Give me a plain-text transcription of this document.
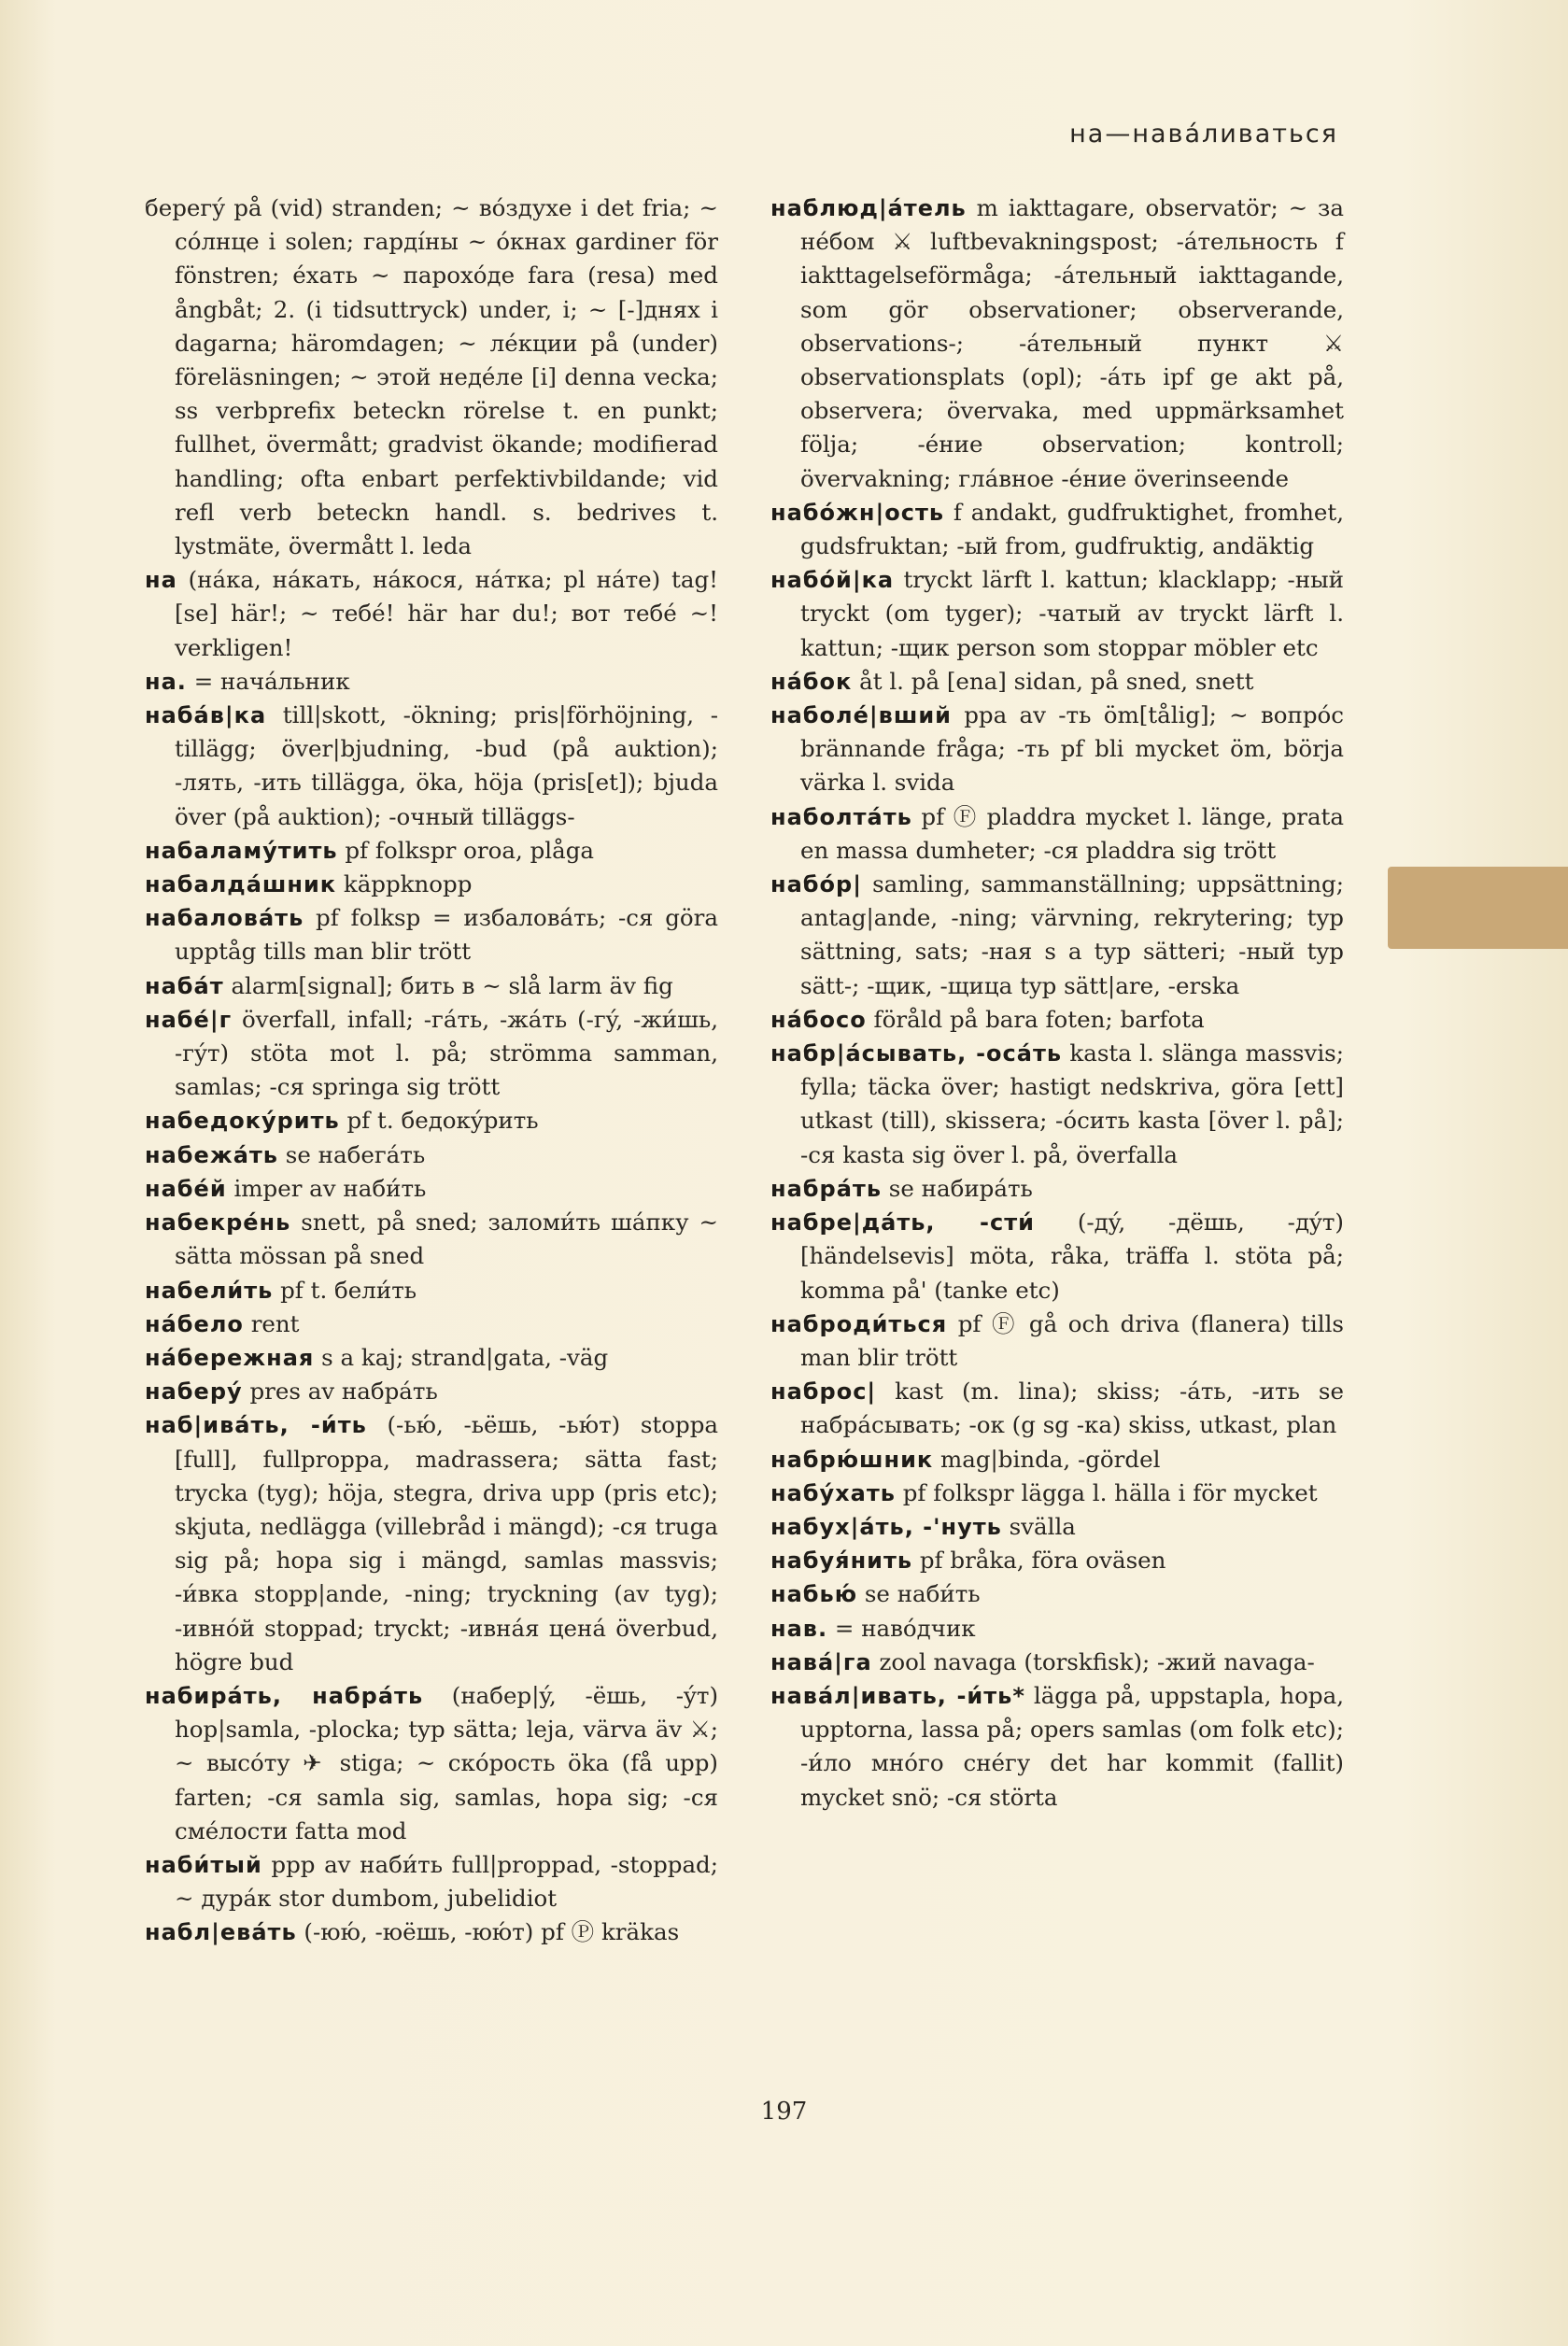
на—навáливаться

берегý på (vid) stranden; ~ вóздухе i det fria; ~ сóлнце i solen; гардíны ~ óкнах gardiner för fönstren; éхать ~ парохóде fara (resa) med ångbåt; 2. (i tidsuttryck) under, i; ~ [-]днях i dagarna; häromdagen; ~ лéкции på (under) föreläsningen; ~ этой недéле [i] denna vecka; ss verbprefix beteckn rörelse t. en punkt; fullhet, övermått; gradvist ökande; modifierad handling; ofta enbart perfektivbildande; vid refl verb beteckn handl. s. bedrives t. lystmäte, övermått l. leda

на (нáка, нáкать, нáкося, нáтка; pl нáте) tag! [se] här!; ~ тебé! här har du!; вот тебé ~! verkligen!

на. = начáльник

набáв|ка till|skott, -ökning; pris|förhöjning, -tillägg; över|bjudning, -bud (på auktion); -лять, -ить tillägga, öka, höja (pris[et]); bjuda över (på auktion); -очный tilläggs-

набаламýтить pf folkspr oroa, plåga

набалдáшник käppknopp

набаловáть pf folksp = избаловáть; -ся göra upptåg tills man blir trött

набáт alarm[signal]; бить в ~ slå larm äv fig

набé|г överfall, infall; -гáть, -жáть (-гý, -жи́шь, -гýт) stöta mot l. på; strömma samman, samlas; -ся springa sig trött

набедокýрить pf t. бедокýрить

набежáть se набегáть

набéй imper av наби́ть

набекрéнь snett, på sned; заломи́ть шáпку ~ sätta mössan på sned

набели́ть pf t. бели́ть

нáбело rent

нáбережная s a kaj; strand|gata, -väg

наберý pres av набрáть

наб|ивáть, -и́ть (-ью́, -ьёшь, -ью́т) stoppa [full], fullproppa, madrassera; sätta fast; trycka (tyg); höja, stegra, driva upp (pris etc); skjuta, nedlägga (villebråd i mängd); -ся truga sig på; hopa sig i mängd, samlas massvis; -и́вка stopp|ande, -ning; tryckning (av tyg); -ивнóй stoppad; tryckt; -ивнáя ценá överbud, högre bud

набирáть, набрáть (набер|ý, -ёшь, -ýт) hop|samla, -plocka; typ sätta; leja, värva äv ⚔; ~ высóту ✈ stiga; ~ скóрость öka (få upp) farten; -ся samla sig, samlas, hopa sig; -ся смéлости fatta mod

наби́тый ppp av наби́ть full|proppad, -stoppad; ~ дурáк stor dumbom, jubelidiot

набл|евáть (-юю́, -юёшь, -юю́т) pf Ⓟ kräkas

наблюд|áтель m iakttagare, observatör; ~ за нéбом ⚔ luftbevakningspost; -áтельность f iakttagelseförmåga; -áтельный iakttagande, som gör observationer; observerande, observations-; -áтельный пункт ⚔ observationsplats (opl); -áть ipf ge akt på, observera; övervaka, med uppmärksamhet följa; -éние observation; kontroll; övervakning; глáвное -éние överinseende

набóжн|ость f andakt, gudfruktighet, fromhet, gudsfruktan; -ый from, gudfruktig, andäktig

набóй|ка tryckt lärft l. kattun; klacklapp; -ный tryckt (om tyger); -чатый av tryckt lärft l. kattun; -щик person som stoppar möbler etc

нáбок åt l. på [ena] sidan, på sned, snett

наболé|вший ppa av -ть öm[tålig]; ~ вопрóс brännande fråga; -ть pf bli mycket öm, börja värka l. svida

наболтáть pf Ⓕ pladdra mycket l. länge, prata en massa dumheter; -ся pladdra sig trött

набóр| samling, sammanställning; uppsättning; antag|ande, -ning; värvning, rekrytering; typ sättning, sats; -ная s a typ sätteri; -ный typ sätt-; -щик, -щица typ sätt|are, -erska

нáбосо föråld på bara foten; barfota

набр|áсывать, -осáть kasta l. slänga massvis; fylla; täcka över; hastigt nedskriva, göra [ett] utkast (till), skissera; -óсить kasta [över l. på]; -ся kasta sig över l. på, överfalla

набрáть se набирáть

набре|дáть, -сти́ (-дý, -дёшь, -дýт) [händelsevis] möta, råka, träffa l. stöta på; komma på' (tanke etc)

наброди́ться pf Ⓕ gå och driva (flanera) tills man blir trött

наброс| kast (m. lina); skiss; -áть, -ить se набрáсывать; -ок (g sg -ка) skiss, utkast, plan

набрю́шник mag|binda, -gördel

набýхать pf folkspr lägga l. hälla i för mycket

набух|áть, -'нуть svälla

набуя́нить pf bråka, föra oväsen

набью́ se наби́ть

нав. = навóдчик

навá|га zool navaga (torskfisk); -жий navaga-

навáл|ивать, -и́ть* lägga på, uppstapla, hopa, upptorna, lassa på; opers samlas (om folk etc); -и́ло мнóго снéгу det har kommit (fallit) mycket snö; -ся störta

197
